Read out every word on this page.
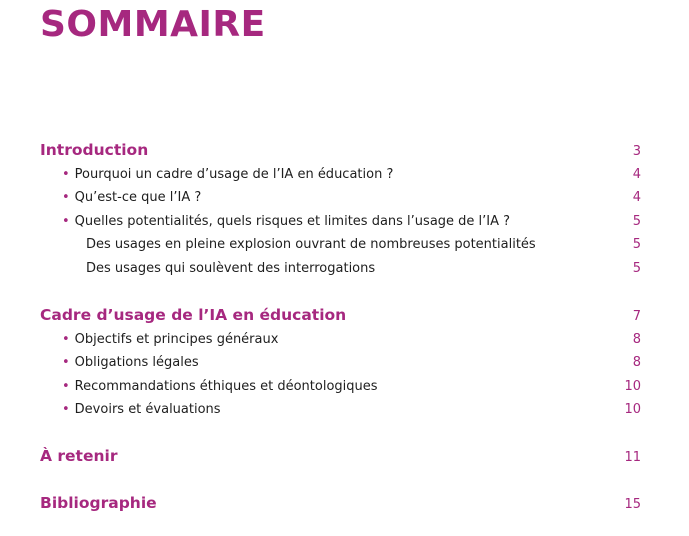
SOMMAIRE
Introduction	3
• Pourquoi un cadre d’usage de l’IA en éducation ?	4
• Qu’est-ce que l’IA ?	4
• Quelles potentialités, quels risques et limites dans l’usage de l’IA ?	5
Des usages en pleine explosion ouvrant de nombreuses potentialités	5
Des usages qui soulèvent des interrogations	5
Cadre d’usage de l’IA en éducation	7
• Objectifs et principes généraux	8
• Obligations légales	8
• Recommandations éthiques et déontologiques	10
• Devoirs et évaluations	10
À retenir	11
Bibliographie	15
